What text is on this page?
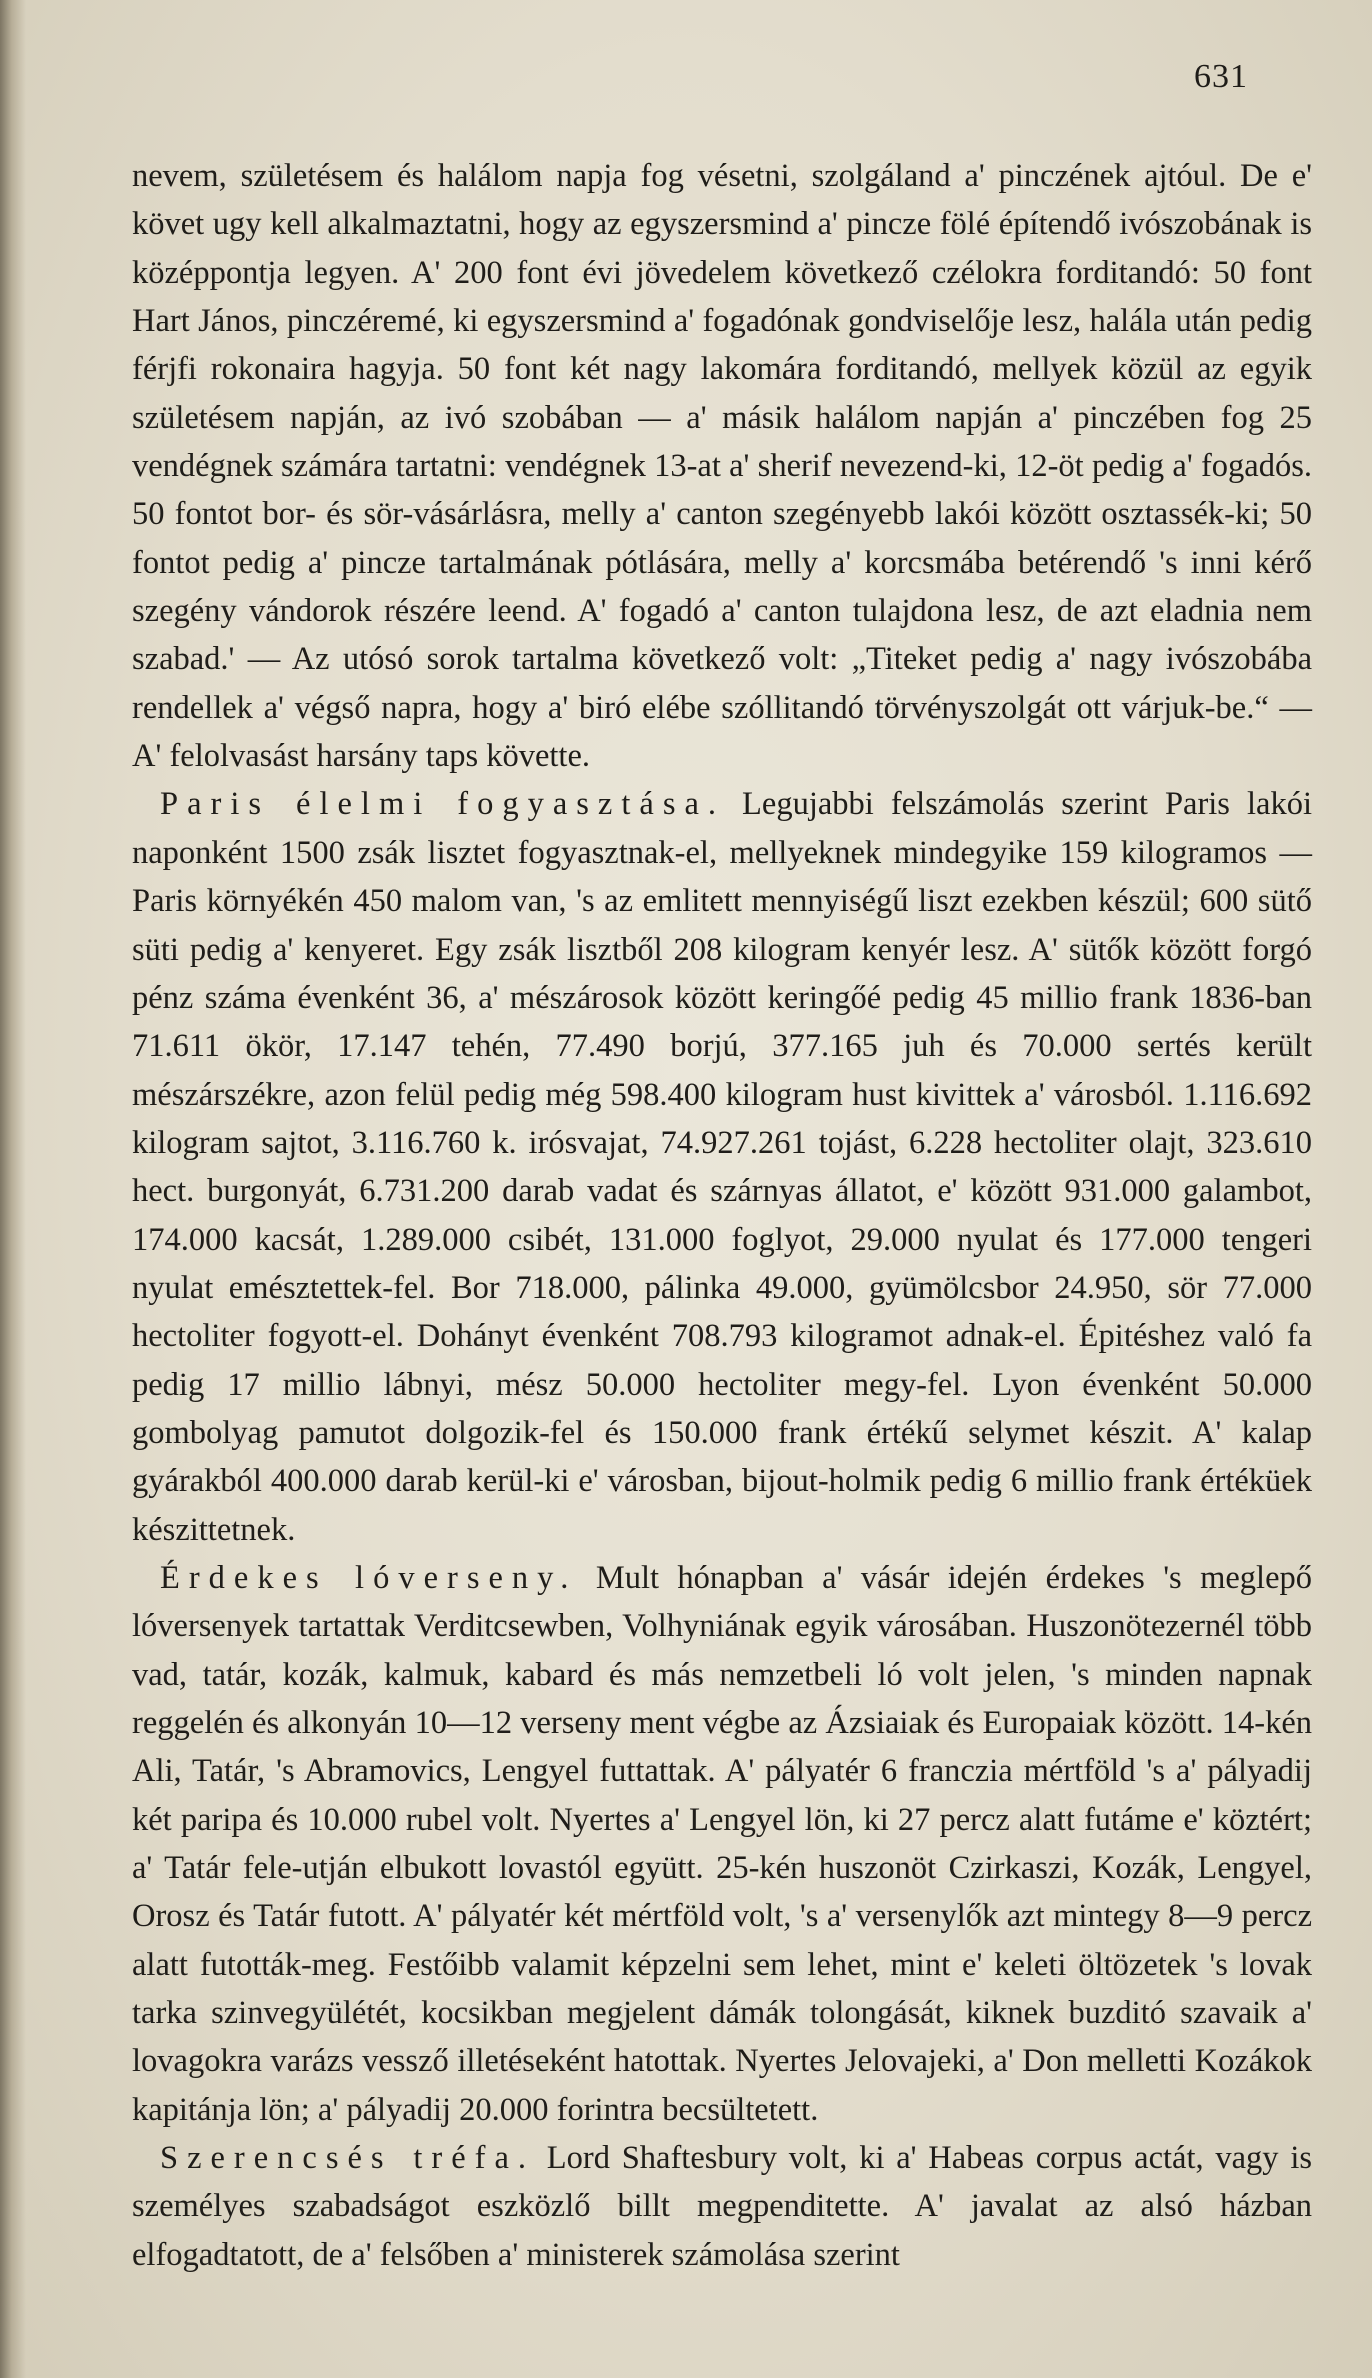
631

nevem, születésem és halálom napja fog vésetni, szolgáland a' pinczének ajtóul. De e' követ ugy kell alkalmaztatni, hogy az egyszersmind a' pincze fölé építendő ivószobának is középpontja legyen. A' 200 font évi jövedelem következő czélokra forditandó: 50 font Hart János, pinczéremé, ki egyszersmind a' fogadónak gondviselője lesz, halála után pedig férjfi rokonaira hagyja. 50 font két nagy lakomára forditandó, mellyek közül az egyik születésem napján, az ivó szobában — a' másik halálom napján a' pinczében fog 25 vendégnek számára tartatni: vendégnek 13-at a' sherif nevezend-ki, 12-öt pedig a' fogadós. 50 fontot bor- és sör-vásárlásra, melly a' canton szegényebb lakói között osztassék-ki; 50 fontot pedig a' pincze tartalmának pótlására, melly a' korcsmába betérendő 's inni kérő szegény vándorok részére leend. A' fogadó a' canton tulajdona lesz, de azt eladnia nem szabad.' — Az utósó sorok tartalma következő volt: „Titeket pedig a' nagy ivószobába rendellek a' végső napra, hogy a' biró elébe szóllitandó törvényszolgát ott várjuk-be.“ — A' felolvasást harsány taps követte.

Paris élelmi fogyasztása. Legujabbi felszámolás szerint Paris lakói naponként 1500 zsák lisztet fogyasztnak-el, mellyeknek mindegyike 159 kilogramos — Paris környékén 450 malom van, 's az emlitett mennyiségű liszt ezekben készül; 600 sütő süti pedig a' kenyeret. Egy zsák lisztből 208 kilogram kenyér lesz. A' sütők között forgó pénz száma évenként 36, a' mészárosok között keringőé pedig 45 millio frank 1836-ban 71.611 ökör, 17.147 tehén, 77.490 borjú, 377.165 juh és 70.000 sertés került mészárszékre, azon felül pedig még 598.400 kilogram hust kivittek a' városból. 1.116.692 kilogram sajtot, 3.116.760 k. irósvajat, 74.927.261 tojást, 6.228 hectoliter olajt, 323.610 hect. burgonyát, 6.731.200 darab vadat és szárnyas állatot, e' között 931.000 galambot, 174.000 kacsát, 1.289.000 csibét, 131.000 foglyot, 29.000 nyulat és 177.000 tengeri nyulat emésztettek-fel. Bor 718.000, pálinka 49.000, gyümölcsbor 24.950, sör 77.000 hectoliter fogyott-el. Dohányt évenként 708.793 kilogramot adnak-el. Épitéshez való fa pedig 17 millio lábnyi, mész 50.000 hectoliter megy-fel. Lyon évenként 50.000 gombolyag pamutot dolgozik-fel és 150.000 frank értékű selymet készit. A' kalap gyárakból 400.000 darab kerül-ki e' városban, bijout-holmik pedig 6 millio frank értéküek készittetnek.

Érdekes lóverseny. Mult hónapban a' vásár idején érdekes 's meglepő lóversenyek tartattak Verditcsewben, Volhyniának egyik városában. Huszonötezernél több vad, tatár, kozák, kalmuk, kabard és más nemzetbeli ló volt jelen, 's minden napnak reggelén és alkonyán 10—12 verseny ment végbe az Ázsiaiak és Europaiak között. 14-kén Ali, Tatár, 's Abramovics, Lengyel futtattak. A' pályatér 6 franczia mértföld 's a' pályadij két paripa és 10.000 rubel volt. Nyertes a' Lengyel lön, ki 27 percz alatt futáme e' köztért; a' Tatár fele-utján elbukott lovastól együtt. 25-kén huszonöt Czirkaszi, Kozák, Lengyel, Orosz és Tatár futott. A' pályatér két mértföld volt, 's a' versenylők azt mintegy 8—9 percz alatt futották-meg. Festőibb valamit képzelni sem lehet, mint e' keleti öltözetek 's lovak tarka szinvegyülétét, kocsikban megjelent dámák tolongását, kiknek buzditó szavaik a' lovagokra varázs vessző illetéseként hatottak. Nyertes Jelovajeki, a' Don melletti Kozákok kapitánja lön; a' pályadij 20.000 forintra becsültetett.

Szerencsés tréfa. Lord Shaftesbury volt, ki a' Habeas corpus actát, vagy is személyes szabadságot eszközlő billt megpenditette. A' javalat az alsó házban elfogadtatott, de a' felsőben a' ministerek számolása szerint
